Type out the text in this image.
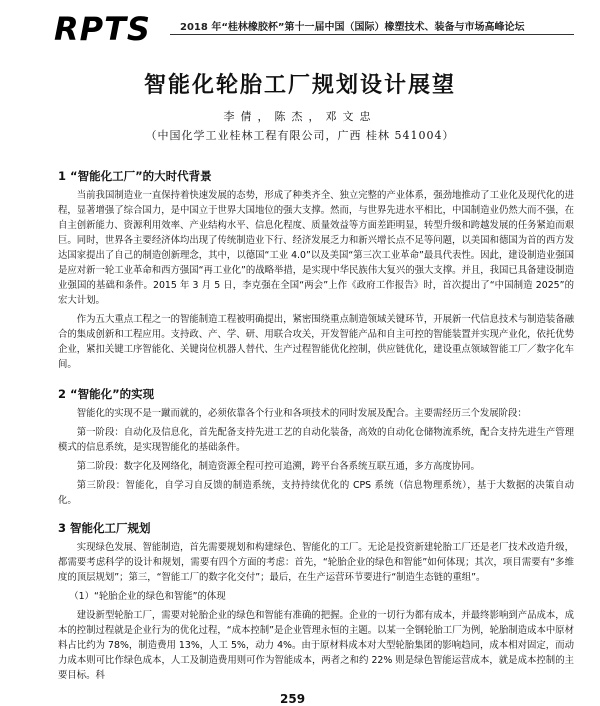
RPTS	2018 年“桂林橡胶杯”第十一届中国（国际）橡塑技术、装备与市场高峰论坛
智能化轮胎工厂规划设计展望
李倩，陈杰，邓文忠
（中国化学工业桂林工程有限公司，广西 桂林 541004）
1 “智能化工厂”的大时代背景

当前我国制造业一直保持着快速发展的态势，形成了种类齐全、独立完整的产业体系，强劲地推动了工业化及现代化的进程，显著增强了综合国力，是中国立于世界大国地位的强大支撑。然而，与世界先进水平相比，中国制造业仍然大而不强，在自主创新能力、资源利用效率、产业结构水平、信息化程度、质量效益等方面差距明显，转型升级和跨越发展的任务紧迫而艰巨。同时，世界各主要经济体均出现了传统制造业下行、经济发展乏力和新兴增长点不足等问题，以美国和德国为首的西方发达国家提出了自己的制造创新理念，其中，以德国“工业 4.0”以及美国“第三次工业革命”最具代表性。因此，建设制造业强国是应对新一轮工业革命和西方强国“再工业化”的战略举措，是实现中华民族伟大复兴的强大支撑。并且，我国已具备建设制造业强国的基础和条件。2015 年 3 月 5 日，李克强在全国“两会”上作《政府工作报告》时，首次提出了“中国制造 2025”的宏大计划。

作为五大重点工程之一的智能制造工程被明确提出，紧密围绕重点制造领域关键环节，开展新一代信息技术与制造装备融合的集成创新和工程应用。支持政、产、学、研、用联合攻关，开发智能产品和自主可控的智能装置并实现产业化，依托优势企业，紧扣关键工序智能化、关键岗位机器人替代、生产过程智能优化控制，供应链优化，建设重点领域智能工厂／数字化车间。

2 “智能化”的实现

智能化的实现不是一蹴而就的，必须依靠各个行业和各项技术的同时发展及配合。主要需经历三个发展阶段：

第一阶段：自动化及信息化，首先配备支持先进工艺的自动化装备，高效的自动化仓储物流系统，配合支持先进生产管理模式的信息系统，是实现智能化的基础条件。

第二阶段：数字化及网络化，制造资源全程可控可追溯，跨平台各系统互联互通，多方高度协同。

第三阶段：智能化，自学习自反馈的制造系统，支持持续优化的 CPS 系统（信息物理系统），基于大数据的决策自动化。

3 智能化工厂规划

实现绿色发展、智能制造，首先需要规划和构建绿色、智能化的工厂。无论是投资新建轮胎工厂还是老厂技术改造升级，都需要考虑科学的设计和规划，需要有四个方面的考虑：首先，“轮胎企业的绿色和智能”如何体现；其次，项目需要有“多维度的顶层规划”；第三，“智能工厂的数字化交付”；最后，在生产运营环节要进行“制造生态链的重组”。

（1）“轮胎企业的绿色和智能”的体现

建设新型轮胎工厂，需要对轮胎企业的绿色和智能有准确的把握。企业的一切行为都有成本，并最终影响到产品成本，成本的控制过程就是企业行为的优化过程，“成本控制”是企业管理永恒的主题。以某一全钢轮胎工厂为例，轮胎制造成本中原材料占比约为 78%，制造费用 13%，人工 5%，动力 4%。由于原材料成本对大型轮胎集团的影响趋同，成本相对固定，而动力成本则可比作绿色成本，人工及制造费用则可作为智能成本，两者之和约 22% 则是绿色智能运营成本，就是成本控制的主要目标。科

259
